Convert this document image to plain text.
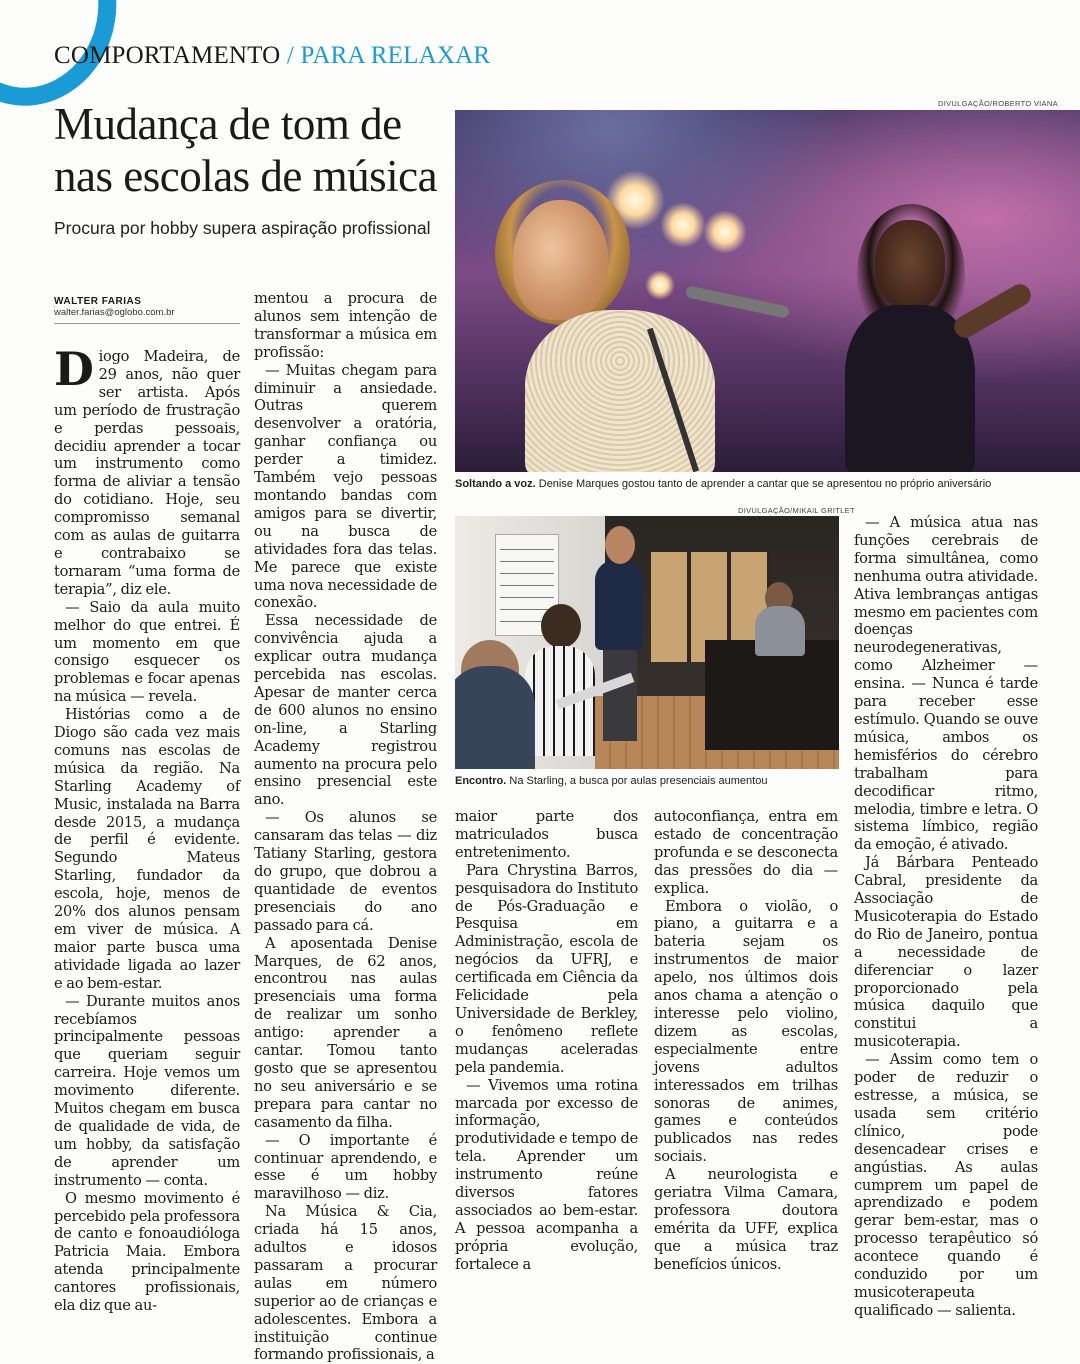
COMPORTAMENTO / PARA RELAXAR
Mudança de tom de nas escolas de música
Procura por hobby supera aspiração profissional
WALTER FARIAS
walter.farias@oglobo.com.br
DIVULGAÇÃO/ROBERTO VIANA
Soltando a voz. Denise Marques gostou tanto de aprender a cantar que se apresentou no próprio aniversário
DIVULGAÇÃO/MIKAIL GRITLET
Encontro. Na Starling, a busca por aulas presenciais aumentou

Diogo Madeira, de 29 anos, não quer ser artista. Após um período de frustração e perdas pessoais, decidiu aprender a tocar um instrumento como forma de aliviar a tensão do cotidiano. Hoje, seu compromisso semanal com as aulas de guitarra e contrabaixo se tornaram “uma forma de terapia”, diz ele.

— Saio da aula muito melhor do que entrei. É um momento em que consigo esquecer os problemas e focar apenas na música — revela.

Histórias como a de Diogo são cada vez mais comuns nas escolas de música da região. Na Starling Academy of Music, instalada na Barra desde 2015, a mudança de perfil é evidente. Segundo Mateus Starling, fundador da escola, hoje, menos de 20% dos alunos pensam em viver de música. A maior parte busca uma atividade ligada ao lazer e ao bem-estar.

— Durante muitos anos recebíamos principalmente pessoas que queriam seguir carreira. Hoje vemos um movimento diferente. Muitos chegam em busca de qualidade de vida, de um hobby, da satisfação de aprender um instrumento — conta.

O mesmo movimento é percebido pela professora de canto e fonoaudióloga Patricia Maia. Embora atenda principalmente cantores profissionais, ela diz que au-

mentou a procura de alunos sem intenção de transformar a música em profissão:

— Muitas chegam para diminuir a ansiedade. Outras querem desenvolver a oratória, ganhar confiança ou perder a timidez. Também vejo pessoas montando bandas com amigos para se divertir, ou na busca de atividades fora das telas. Me parece que existe uma nova necessidade de conexão.

Essa necessidade de convivência ajuda a explicar outra mudança percebida nas escolas. Apesar de manter cerca de 600 alunos no ensino on-line, a Starling Academy registrou aumento na procura pelo ensino presencial este ano.

— Os alunos se cansaram das telas — diz Tatiany Starling, gestora do grupo, que dobrou a quantidade de eventos presenciais do ano passado para cá.

A aposentada Denise Marques, de 62 anos, encontrou nas aulas presenciais uma forma de realizar um sonho antigo: aprender a cantar. Tomou tanto gosto que se apresentou no seu aniversário e se prepara para cantar no casamento da filha.

— O importante é continuar aprendendo, e esse é um hobby maravilhoso — diz.

Na Música & Cia, criada há 15 anos, adultos e idosos passaram a procurar aulas em número superior ao de crianças e adolescentes. Embora a instituição continue formando profissionais, a

maior parte dos matriculados busca entretenimento.

Para Chrystina Barros, pesquisadora do Instituto de Pós-Graduação e Pesquisa em Administração, escola de negócios da UFRJ, e certificada em Ciência da Felicidade pela Universidade de Berkley, o fenômeno reflete mudanças aceleradas pela pandemia.

— Vivemos uma rotina marcada por excesso de informação, produtividade e tempo de tela. Aprender um instrumento reúne diversos fatores associados ao bem-estar. A pessoa acompanha a própria evolução, fortalece a

autoconfiança, entra em estado de concentração profunda e se desconecta das pressões do dia — explica.

Embora o violão, o piano, a guitarra e a bateria sejam os instrumentos de maior apelo, nos últimos dois anos chama a atenção o interesse pelo violino, dizem as escolas, especialmente entre jovens adultos interessados em trilhas sonoras de animes, games e conteúdos publicados nas redes sociais.

A neurologista e geriatra Vilma Camara, professora doutora emérita da UFF, explica que a música traz benefícios únicos.

— A música atua nas funções cerebrais de forma simultânea, como nenhuma outra atividade. Ativa lembranças antigas mesmo em pacientes com doenças neurodegenerativas, como Alzheimer — ensina. — Nunca é tarde para receber esse estímulo. Quando se ouve música, ambos os hemisférios do cérebro trabalham para decodificar ritmo, melodia, timbre e letra. O sistema límbico, região da emoção, é ativado.

Já Bárbara Penteado Cabral, presidente da Associação de Musicoterapia do Estado do Rio de Janeiro, pontua a necessidade de diferenciar o lazer proporcionado pela música daquilo que constitui a musicoterapia.

— Assim como tem o poder de reduzir o estresse, a música, se usada sem critério clínico, pode desencadear crises e angústias. As aulas cumprem um papel de aprendizado e podem gerar bem-estar, mas o processo terapêutico só acontece quando é conduzido por um musicoterapeuta qualificado — salienta.
